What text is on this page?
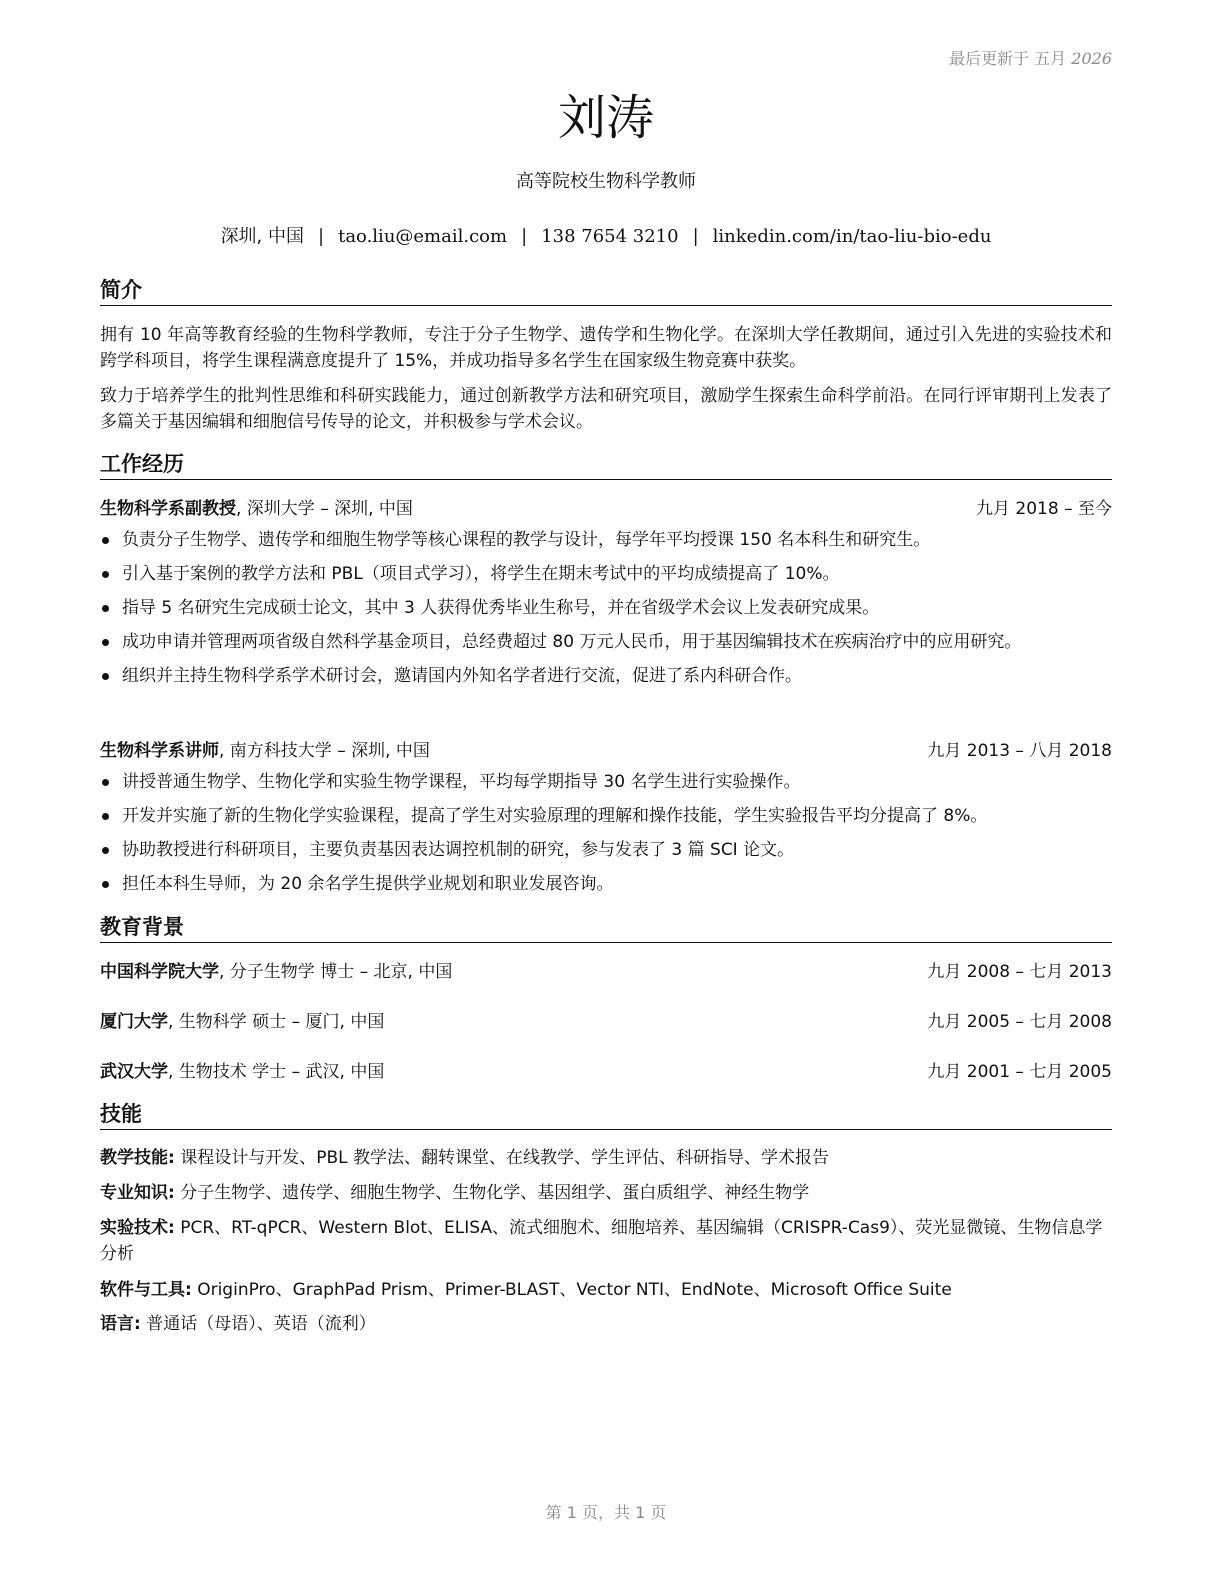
最后更新于 五月 2026
刘涛
高等院校生物科学教师
深圳, 中国 | tao.liu@email.com | 138 7654 3210 | linkedin.com/in/tao-liu-bio-edu
简介
拥有 10 年高等教育经验的生物科学教师，专注于分子生物学、遗传学和生物化学。在深圳大学任教期间，通过引入先进的实验技术和跨学科项目，将学生课程满意度提升了 15%，并成功指导多名学生在国家级生物竞赛中获奖。
致力于培养学生的批判性思维和科研实践能力，通过创新教学方法和研究项目，激励学生探索生命科学前沿。在同行评审期刊上发表了多篇关于基因编辑和细胞信号传导的论文，并积极参与学术会议。
工作经历
生物科学系副教授, 深圳大学 – 深圳, 中国	九月 2018 – 至今
负责分子生物学、遗传学和细胞生物学等核心课程的教学与设计，每学年平均授课 150 名本科生和研究生。
引入基于案例的教学方法和 PBL（项目式学习），将学生在期末考试中的平均成绩提高了 10%。
指导 5 名研究生完成硕士论文，其中 3 人获得优秀毕业生称号，并在省级学术会议上发表研究成果。
成功申请并管理两项省级自然科学基金项目，总经费超过 80 万元人民币，用于基因编辑技术在疾病治疗中的应用研究。
组织并主持生物科学系学术研讨会，邀请国内外知名学者进行交流，促进了系内科研合作。
生物科学系讲师, 南方科技大学 – 深圳, 中国	九月 2013 – 八月 2018
讲授普通生物学、生物化学和实验生物学课程，平均每学期指导 30 名学生进行实验操作。
开发并实施了新的生物化学实验课程，提高了学生对实验原理的理解和操作技能，学生实验报告平均分提高了 8%。
协助教授进行科研项目，主要负责基因表达调控机制的研究，参与发表了 3 篇 SCI 论文。
担任本科生导师，为 20 余名学生提供学业规划和职业发展咨询。
教育背景
中国科学院大学, 分子生物学 博士 – 北京, 中国	九月 2008 – 七月 2013
厦门大学, 生物科学 硕士 – 厦门, 中国	九月 2005 – 七月 2008
武汉大学, 生物技术 学士 – 武汉, 中国	九月 2001 – 七月 2005
技能
教学技能: 课程设计与开发、PBL 教学法、翻转课堂、在线教学、学生评估、科研指导、学术报告
专业知识: 分子生物学、遗传学、细胞生物学、生物化学、基因组学、蛋白质组学、神经生物学
实验技术: PCR、RT-qPCR、Western Blot、ELISA、流式细胞术、细胞培养、基因编辑（CRISPR-Cas9）、荧光显微镜、生物信息学分析
软件与工具: OriginPro、GraphPad Prism、Primer-BLAST、Vector NTI、EndNote、Microsoft Office Suite
语言: 普通话（母语）、英语（流利）
第 1 页，共 1 页
